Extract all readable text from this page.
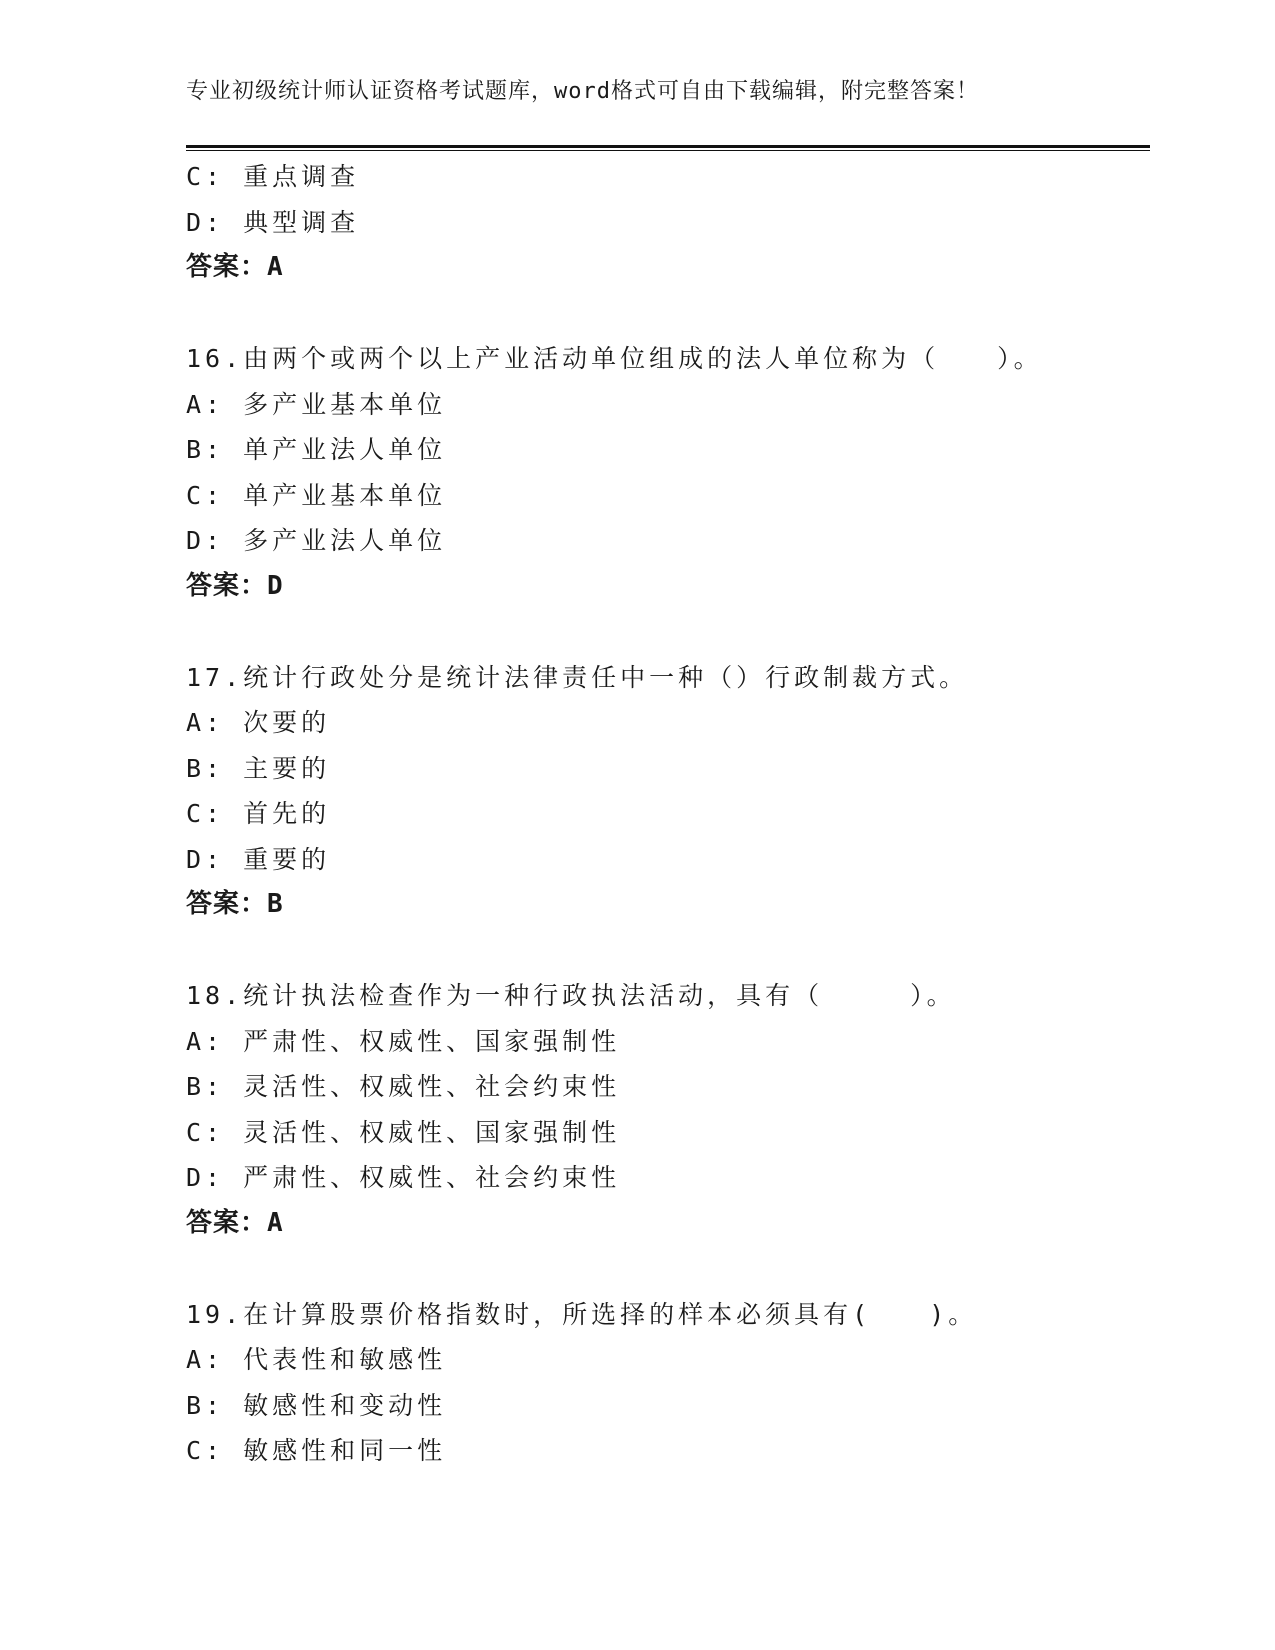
专业初级统计师认证资格考试题库，word格式可自由下载编辑，附完整答案！
C: 重点调查
D: 典型调查
答案：A
16.由两个或两个以上产业活动单位组成的法人单位称为（　　）。
A: 多产业基本单位
B: 单产业法人单位
C: 单产业基本单位
D: 多产业法人单位
答案：D
17.统计行政处分是统计法律责任中一种（）行政制裁方式。
A: 次要的
B: 主要的
C: 首先的
D: 重要的
答案：B
18.统计执法检查作为一种行政执法活动，具有（　　　）。
A: 严肃性、权威性、国家强制性
B: 灵活性、权威性、社会约束性
C: 灵活性、权威性、国家强制性
D: 严肃性、权威性、社会约束性
答案：A
19.在计算股票价格指数时，所选择的样本必须具有(　　)。
A: 代表性和敏感性
B: 敏感性和变动性
C: 敏感性和同一性
